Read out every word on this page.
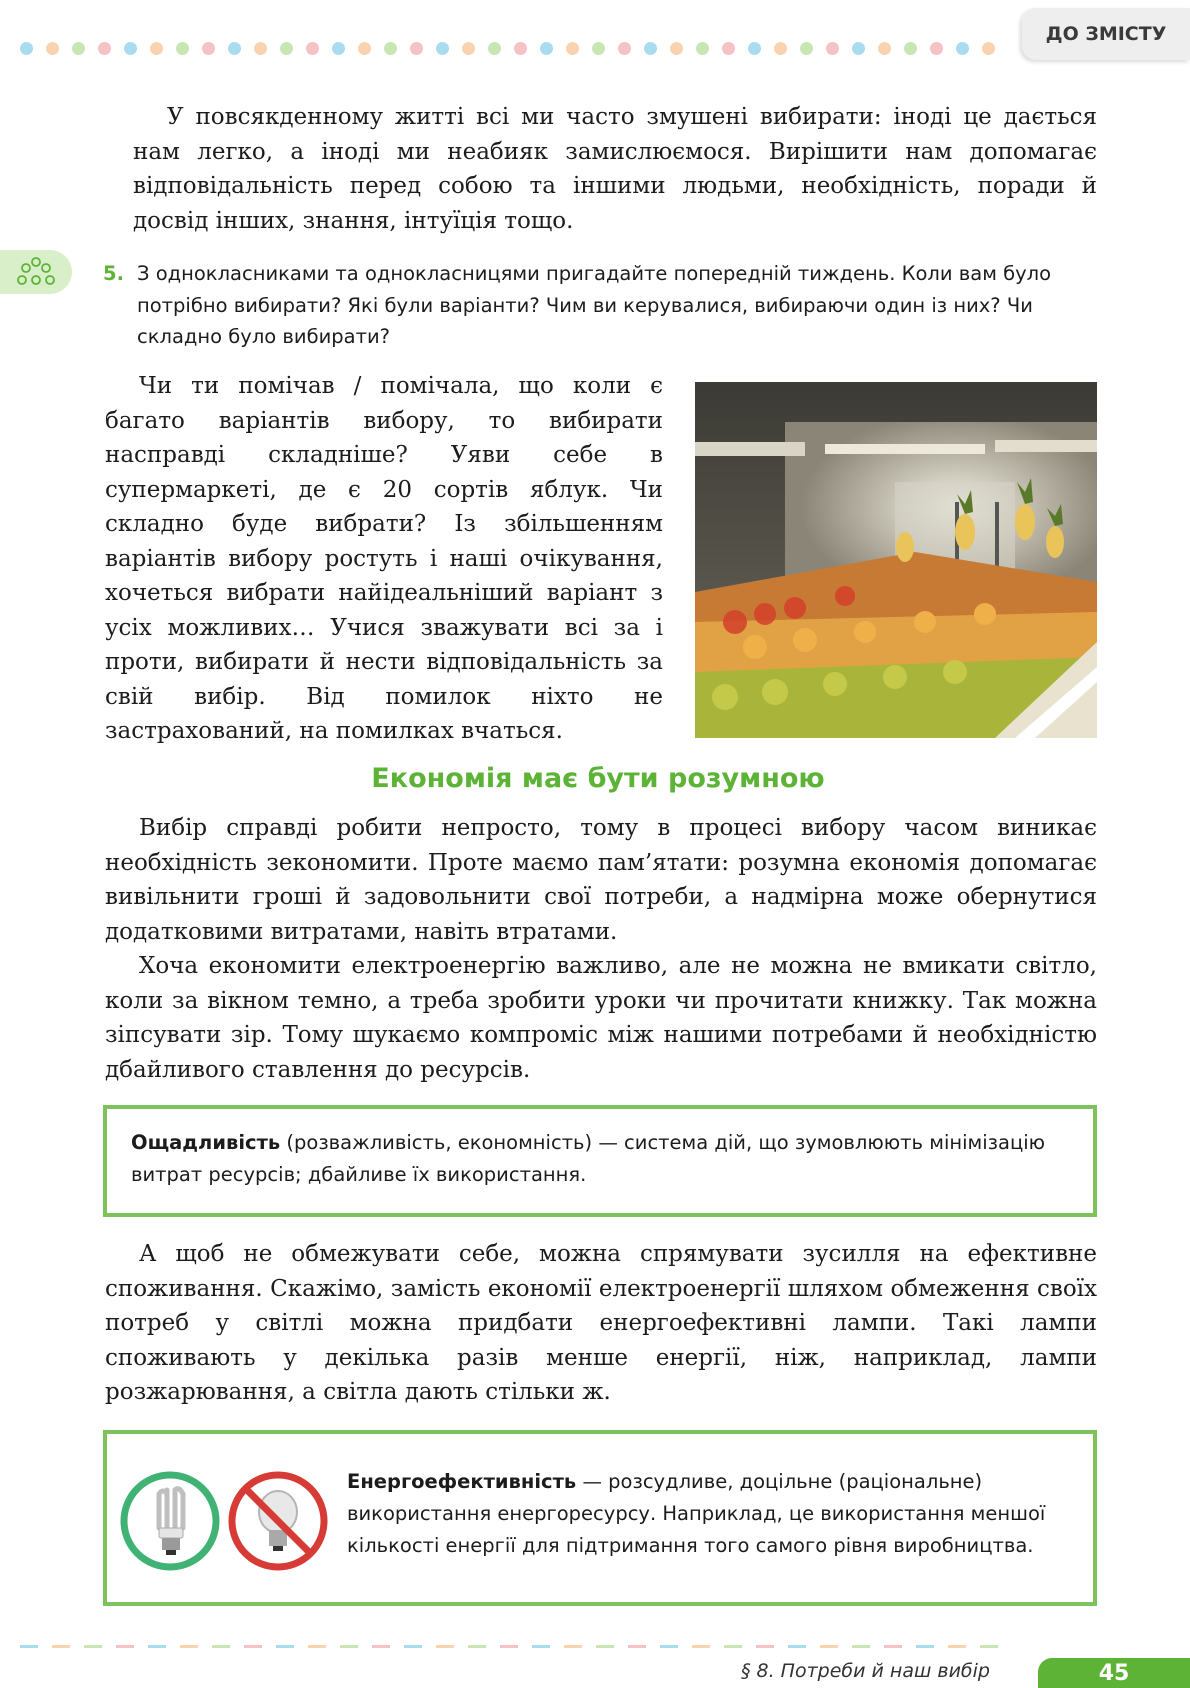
ДО ЗМІСТУ

У повсякденному житті всі ми часто змушені вибирати: іноді це дається нам легко, а іноді ми неабияк замислюємося. Вирішити нам допомагає відповідальність перед собою та іншими людьми, необхідність, поради й досвід інших, знання, інтуїція тощо.

5. З однокласниками та однокласницями пригадайте попередній тиждень. Коли вам було потрібно вибирати? Які були варіанти? Чим ви керувалися, вибираючи один із них? Чи складно було вибирати?

Чи ти помічав / помічала, що коли є багато варіантів вибору, то вибирати насправді складніше? Уяви себе в супермаркеті, де є 20 сортів яблук. Чи складно буде вибрати? Із збільшенням варіантів вибору ростуть і наші очікування, хочеться вибрати найідеальніший варіант з усіх можливих… Учися зважувати всі за і проти, вибирати й нести відповідальність за свій вибір. Від помилок ніхто не застрахований, на помилках вчаться.

Економія має бути розумною

Вибір справді робити непросто, тому в процесі вибору часом виникає необхідність зекономити. Проте маємо пам’ятати: розумна економія допомагає вивільнити гроші й задовольнити свої потреби, а надмірна може обернутися додатковими витратами, навіть втратами.

Хоча економити електроенергію важливо, але не можна не вмикати світло, коли за вікном темно, а треба зробити уроки чи прочитати книжку. Так можна зіпсувати зір. Тому шукаємо компроміс між нашими потребами й необхідністю дбайливого ставлення до ресурсів.

Ощадливість (розважливість, економність) — система дій, що зумовлюють мінімізацію витрат ресурсів; дбайливе їх використання.

А щоб не обмежувати себе, можна спрямувати зусилля на ефективне споживання. Скажімо, замість економії електроенергії шляхом обмеження своїх потреб у світлі можна придбати енергоефективні лампи. Такі лампи споживають у декілька разів менше енергії, ніж, наприклад, лампи розжарювання, а світла дають стільки ж.

Енергоефективність — розсудливе, доцільне (раціональне) використання енергоресурсу. Наприклад, це використання меншої кількості енергії для підтримання того самого рівня виробництва.

§ 8. Потреби й наш вибір	45
